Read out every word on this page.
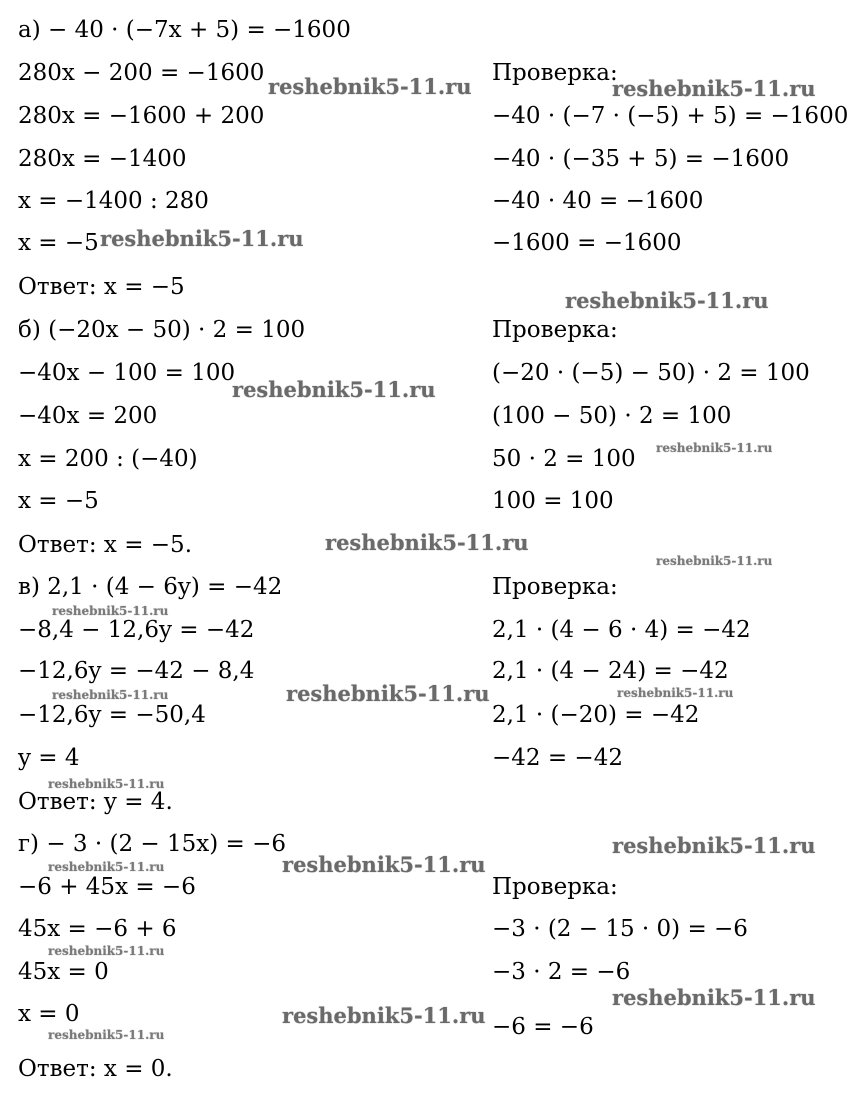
а) − 40 · (−7x + 5) = −1600
280x − 200 = −1600
280x = −1600 + 200
280x = −1400
x = −1400 : 280
x = −5
Ответ: x = −5
Проверка:
−40 · (−7 · (−5) + 5) = −1600
−40 · (−35 + 5) = −1600
−40 · 40 = −1600
−1600 = −1600
б) (−20x − 50) · 2 = 100
−40x − 100 = 100
−40x = 200
x = 200 : (−40)
x = −5
Ответ: x = −5.
Проверка:
(−20 · (−5) − 50) · 2 = 100
(100 − 50) · 2 = 100
50 · 2 = 100
100 = 100
в) 2,1 · (4 − 6y) = −42
−8,4 − 12,6y = −42
−12,6y = −42 − 8,4
−12,6y = −50,4
y = 4
Ответ: y = 4.
Проверка:
2,1 · (4 − 6 · 4) = −42
2,1 · (4 − 24) = −42
2,1 · (−20) = −42
−42 = −42
г) − 3 · (2 − 15x) = −6
−6 + 45x = −6
45x = −6 + 6
45x = 0
x = 0
Ответ: x = 0.
Проверка:
−3 · (2 − 15 · 0) = −6
−3 · 2 = −6
−6 = −6
reshebnik5-11.ru	reshebnik5-11.ru
reshebnik5-11.ru
reshebnik5-11.ru
reshebnik5-11.ru
reshebnik5-11.ru
reshebnik5-11.ru
reshebnik5-11.ru
reshebnik5-11.ru
reshebnik5-11.ru
reshebnik5-11.ru	reshebnik5-11.ru
reshebnik5-11.ru
reshebnik5-11.ru
reshebnik5-11.ru	reshebnik5-11.ru
reshebnik5-11.ru
reshebnik5-11.ru
reshebnik5-11.ru
reshebnik5-11.ru
